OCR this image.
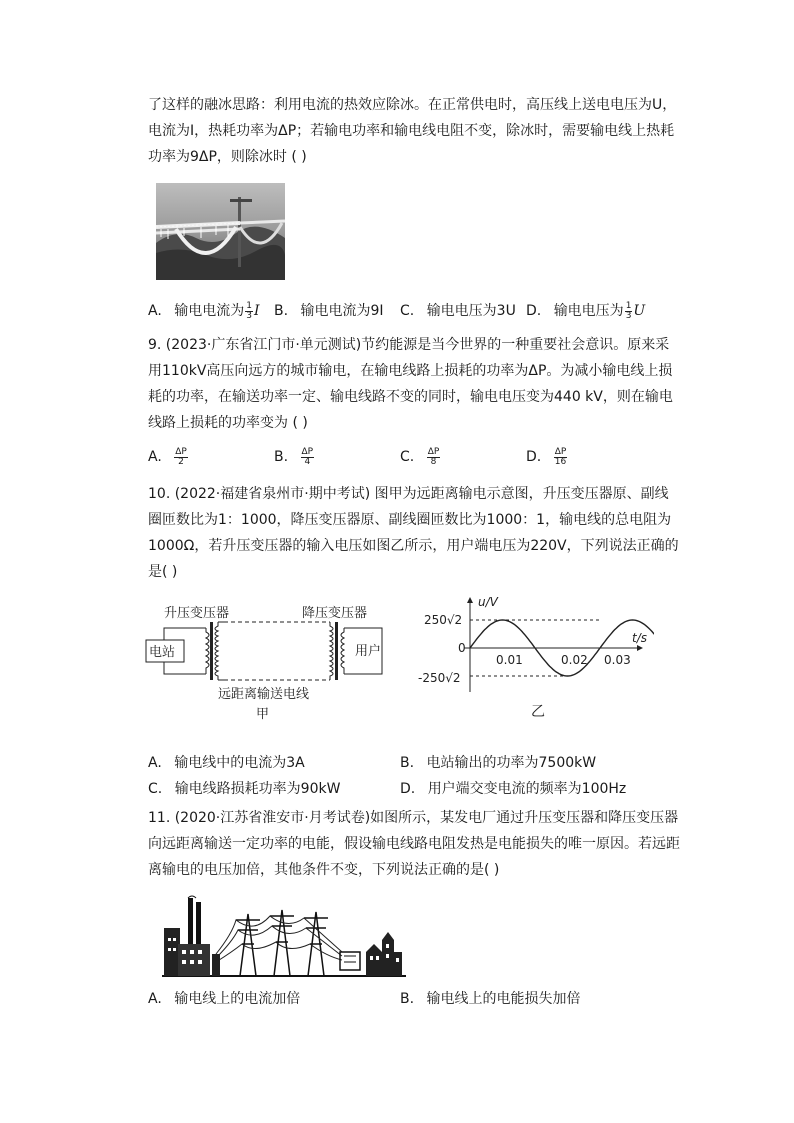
了这样的融冰思路：利用电流的热效应除冰。在正常供电时，高压线上送电电压为U，
电流为I，热耗功率为ΔP；若输电功率和输电线电阻不变，除冰时，需要输电线上热耗
功率为9ΔP，则除冰时 ( )
A. 输电电流为 $\frac{1}{3}$ I B. 输电电流为9I C. 输电电压为3U D. 输电电压为 $\frac{1}{3}$ U
9. (2023·广东省江门市·单元测试)节约能源是当今世界的一种重要社会意识。原来采
用110kV高压向远方的城市输电，在输电线路上损耗的功率为ΔP。为减小输电线上损
耗的功率，在输送功率一定、输电线路不变的同时，输电电压变为440 kV，则在输电
线路上损耗的功率变为 ( )
A. $\frac{\Delta P}{2}$	B. $\frac{\Delta P}{4}$	C. $\frac{\Delta P}{8}$	D. $\frac{\Delta P}{16}$
10. (2022·福建省泉州市·期中考试) 图甲为远距离输电示意图，升压变压器原、副线
圈匝数比为1：1000，降压变压器原、副线圈匝数比为1000：1，输电线的总电阻为
1000Ω，若升压变压器的输入电压如图乙所示，用户端电压为220V，下列说法正确的
是( )
升压变压器	降压变压器
电站	用户
远距离输送电线
甲
u/V
t/s
250√2
0
-250√2
0.01	0.02 0.03
乙
A. 输电线中的电流为3A	B. 电站输出的功率为7500kW
C. 输电线路损耗功率为90kW	D. 用户端交变电流的频率为100Hz
11. (2020·江苏省淮安市·月考试卷)如图所示，某发电厂通过升压变压器和降压变压器
向远距离输送一定功率的电能，假设输电线路电阻发热是电能损失的唯一原因。若远距
离输电的电压加倍，其他条件不变，下列说法正确的是( )
A. 输电线上的电流加倍	B. 输电线上的电能损失加倍
